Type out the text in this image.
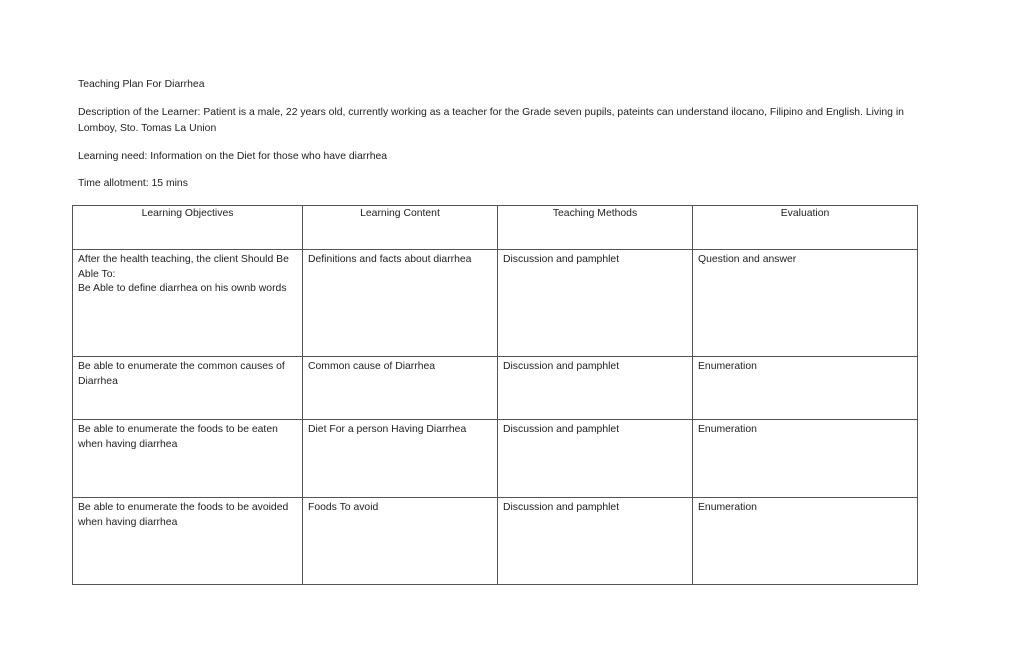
Teaching Plan For Diarrhea

Description of the Learner: Patient is a male, 22 years old, currently working as a teacher for the Grade seven pupils, pateints can understand ilocano, Filipino and English. Living in Lomboy, Sto. Tomas La Union

Learning need: Information on the Diet for those who have diarrhea

Time allotment: 15 mins

Learning Objectives	Learning Content	Teaching Methods	Evaluation

After the health teaching, the client Should Be Able To:
Be Able to define diarrhea on his ownb words	Definitions and facts about diarrhea	Discussion and pamphlet	Question and answer
Be able to enumerate the common causes of Diarrhea	Common cause of Diarrhea	Discussion and pamphlet	Enumeration
Be able to enumerate the foods to be eaten when having diarrhea	Diet For a person Having Diarrhea	Discussion and pamphlet	Enumeration
Be able to enumerate the foods to be avoided when having diarrhea	Foods To avoid	Discussion and pamphlet	Enumeration
